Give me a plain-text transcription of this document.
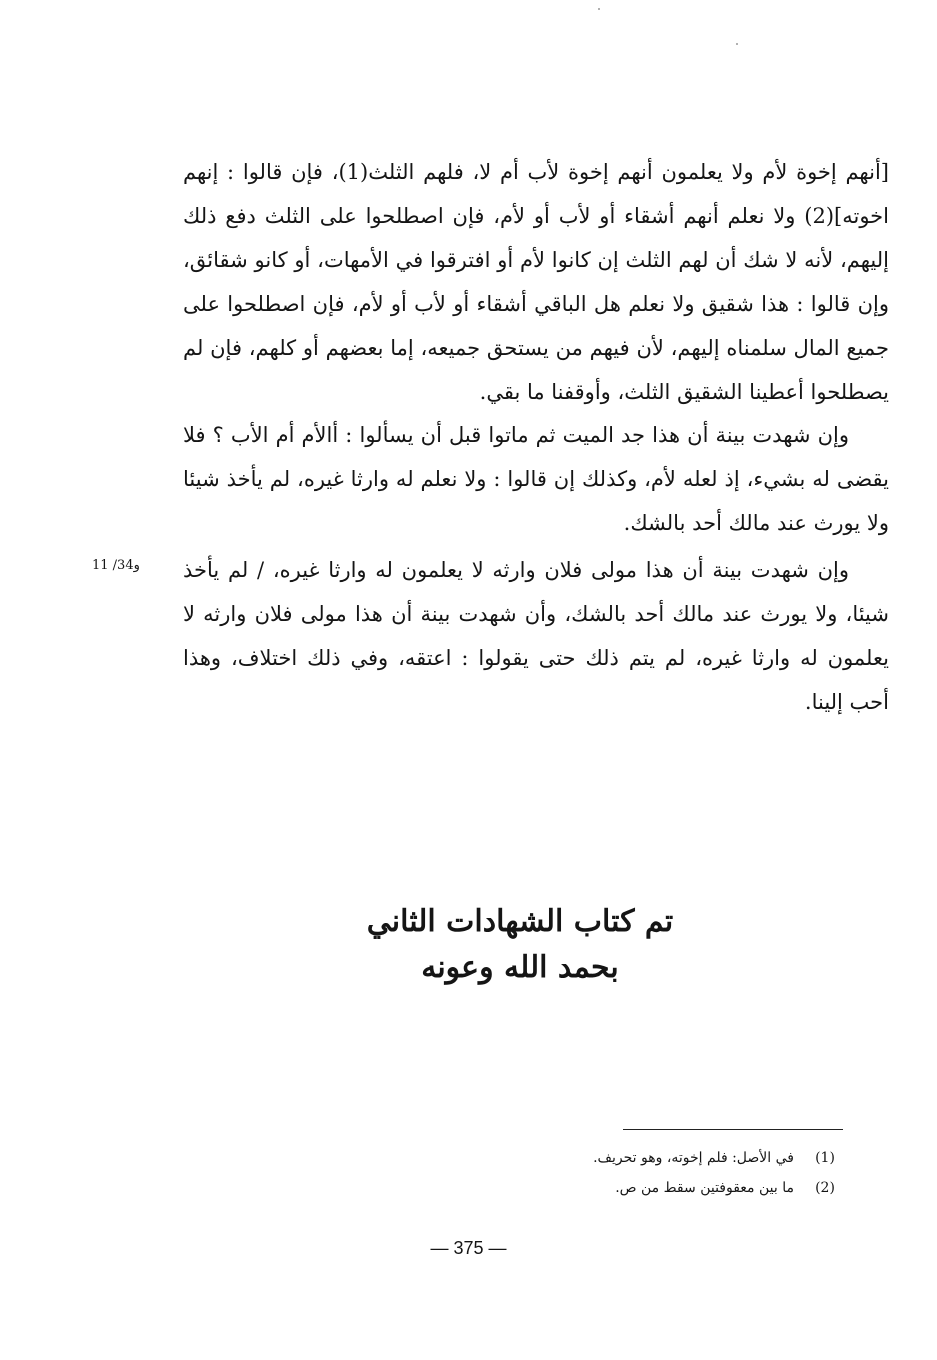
[أنهم إخوة لأم ولا يعلمون أنهم إخوة لأب أم لا، فلهم الثلث(1)، فإن قالوا : إنهم اخوته](2) ولا نعلم أنهم أشقاء أو لأب أو لأم، فإن اصطلحوا على الثلث دفع ذلك إليهم، لأنه لا شك أن لهم الثلث إن كانوا لأم أو افترقوا في الأمهات، أو كانو شقائق، وإن قالوا : هذا شقيق ولا نعلم هل الباقي أشقاء أو لأب أو لأم، فإن اصطلحوا على جميع المال سلمناه إليهم، لأن فيهم من يستحق جميعه، إما بعضهم أو كلهم، فإن لم يصطلحوا أعطينا الشقيق الثلث، وأوقفنا ما بقي.

وإن شهدت بينة أن هذا جد الميت ثم ماتوا قبل أن يسألوا : أالأم أم الأب ؟ فلا يقضى له بشيء، إذ لعله لأم، وكذلك إن قالوا : ولا نعلم له وارثا غيره، لم يأخذ شيئا ولا يورث عند مالك أحد بالشك.

وإن شهدت بينة أن هذا مولى فلان وارثه لا يعلمون له وارثا غيره، / لم يأخذ شيئا، ولا يورث عند مالك أحد بالشك، وأن شهدت بينة أن هذا مولى فلان وارثه لا يعلمون له وارثا غيره، لم يتم ذلك حتى يقولوا : اعتقه، وفي ذلك اختلاف، وهذا أحب إلينا.

11 /34و
تم كتاب الشهادات الثاني
بحمد الله وعونه
(1)في الأصل: فلم إخوته، وهو تحريف.
(2)ما بين معقوفتين سقط من ص.
— 375 —
